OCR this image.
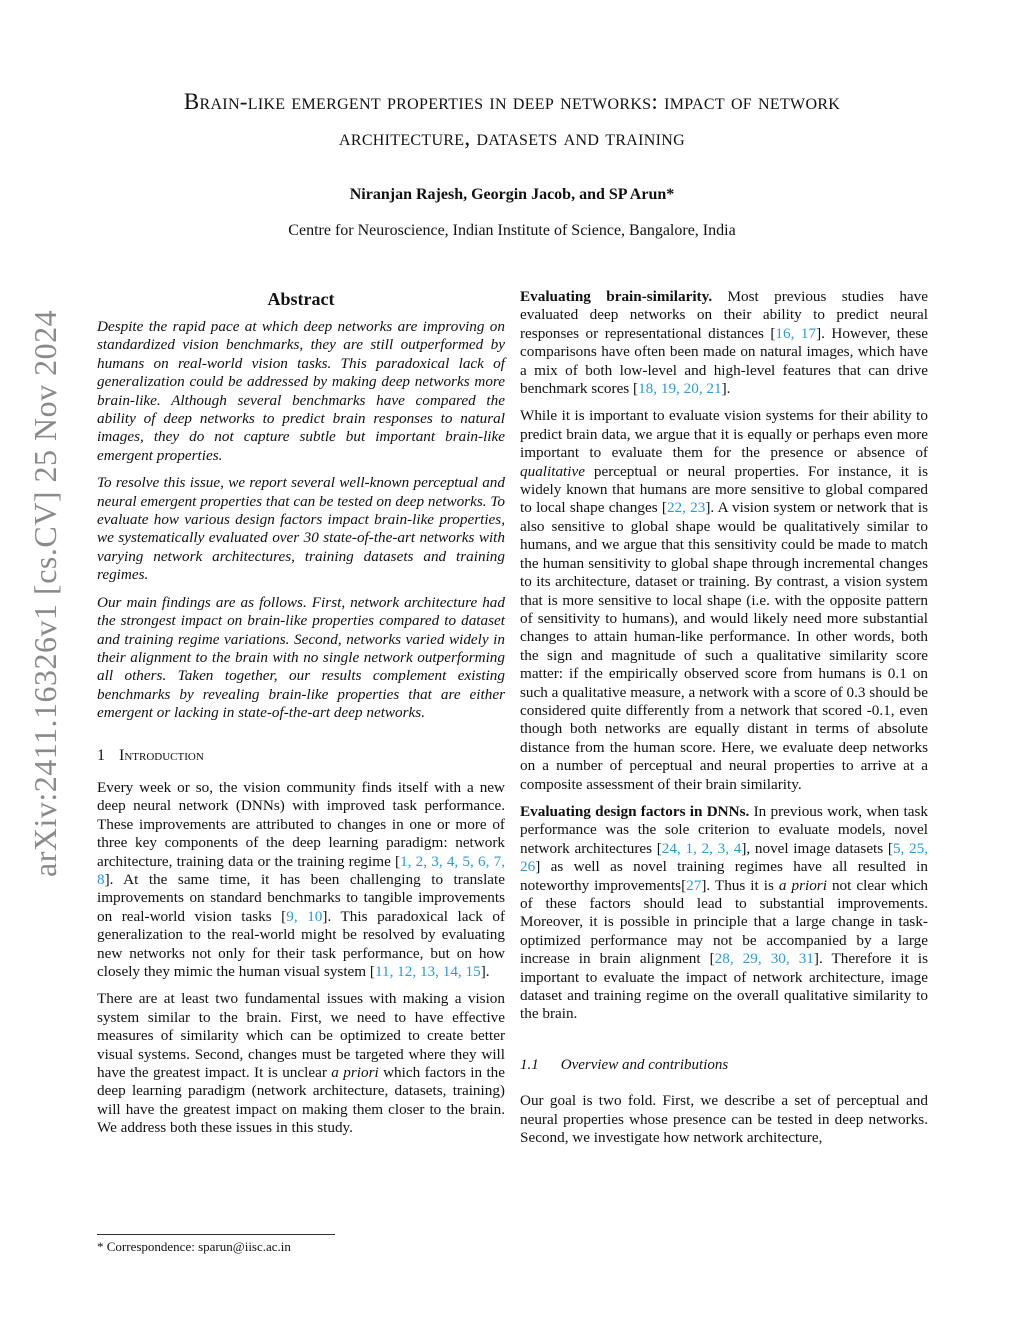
arXiv:2411.16326v1 [cs.CV] 25 Nov 2024
Brain-like emergent properties in deep networks: impact of network
architecture, datasets and training
Niranjan Rajesh, Georgin Jacob, and SP Arun*
Centre for Neuroscience, Indian Institute of Science, Bangalore, India
Abstract

Despite the rapid pace at which deep networks are improving on standardized vision benchmarks, they are still outperformed by humans on real-world vision tasks. This paradoxical lack of generalization could be addressed by making deep networks more brain-like. Although several benchmarks have compared the ability of deep networks to predict brain responses to natural images, they do not capture subtle but important brain-like emergent properties.

To resolve this issue, we report several well-known perceptual and neural emergent properties that can be tested on deep networks. To evaluate how various design factors impact brain-like properties, we systematically evaluated over 30 state-of-the-art networks with varying network architectures, training datasets and training regimes.

Our main findings are as follows. First, network architecture had the strongest impact on brain-like properties compared to dataset and training regime variations. Second, networks varied widely in their alignment to the brain with no single network outperforming all others. Taken together, our results complement existing benchmarks by revealing brain-like properties that are either emergent or lacking in state-of-the-art deep networks.

1 Introduction

Every week or so, the vision community finds itself with a new deep neural network (DNNs) with improved task performance. These improvements are attributed to changes in one or more of three key components of the deep learning paradigm: network architecture, training data or the training regime [1, 2, 3, 4, 5, 6, 7, 8]. At the same time, it has been challenging to translate improvements on standard benchmarks to tangible improvements on real-world vision tasks [9, 10]. This paradoxical lack of generalization to the real-world might be resolved by evaluating new networks not only for their task performance, but on how closely they mimic the human visual system [11, 12, 13, 14, 15].

There are at least two fundamental issues with making a vision system similar to the brain. First, we need to have effective measures of similarity which can be optimized to create better visual systems. Second, changes must be targeted where they will have the greatest impact. It is unclear a priori which factors in the deep learning paradigm (network architecture, datasets, training) will have the greatest impact on making them closer to the brain. We address both these issues in this study.

Evaluating brain-similarity. Most previous studies have evaluated deep networks on their ability to predict neural responses or representational distances [16, 17]. However, these comparisons have often been made on natural images, which have a mix of both low-level and high-level features that can drive benchmark scores [18, 19, 20, 21].

While it is important to evaluate vision systems for their ability to predict brain data, we argue that it is equally or perhaps even more important to evaluate them for the presence or absence of qualitative perceptual or neural properties. For instance, it is widely known that humans are more sensitive to global compared to local shape changes [22, 23]. A vision system or network that is also sensitive to global shape would be qualitatively similar to humans, and we argue that this sensitivity could be made to match the human sensitivity to global shape through incremental changes to its architecture, dataset or training. By contrast, a vision system that is more sensitive to local shape (i.e. with the opposite pattern of sensitivity to humans), and would likely need more substantial changes to attain human-like performance. In other words, both the sign and magnitude of such a qualitative similarity score matter: if the empirically observed score from humans is 0.1 on such a qualitative measure, a network with a score of 0.3 should be considered quite differently from a network that scored -0.1, even though both networks are equally distant in terms of absolute distance from the human score. Here, we evaluate deep networks on a number of perceptual and neural properties to arrive at a composite assessment of their brain similarity.

Evaluating design factors in DNNs. In previous work, when task performance was the sole criterion to evaluate models, novel network architectures [24, 1, 2, 3, 4], novel image datasets [5, 25, 26] as well as novel training regimes have all resulted in noteworthy improvements[27]. Thus it is a priori not clear which of these factors should lead to substantial improvements. Moreover, it is possible in principle that a large change in task-optimized performance may not be accompanied by a large increase in brain alignment [28, 29, 30, 31]. Therefore it is important to evaluate the impact of network architecture, image dataset and training regime on the overall qualitative similarity to the brain.

1.1 Overview and contributions

Our goal is two fold. First, we describe a set of perceptual and neural properties whose presence can be tested in deep networks. Second, we investigate how network architecture,

* Correspondence: sparun@iisc.ac.in
